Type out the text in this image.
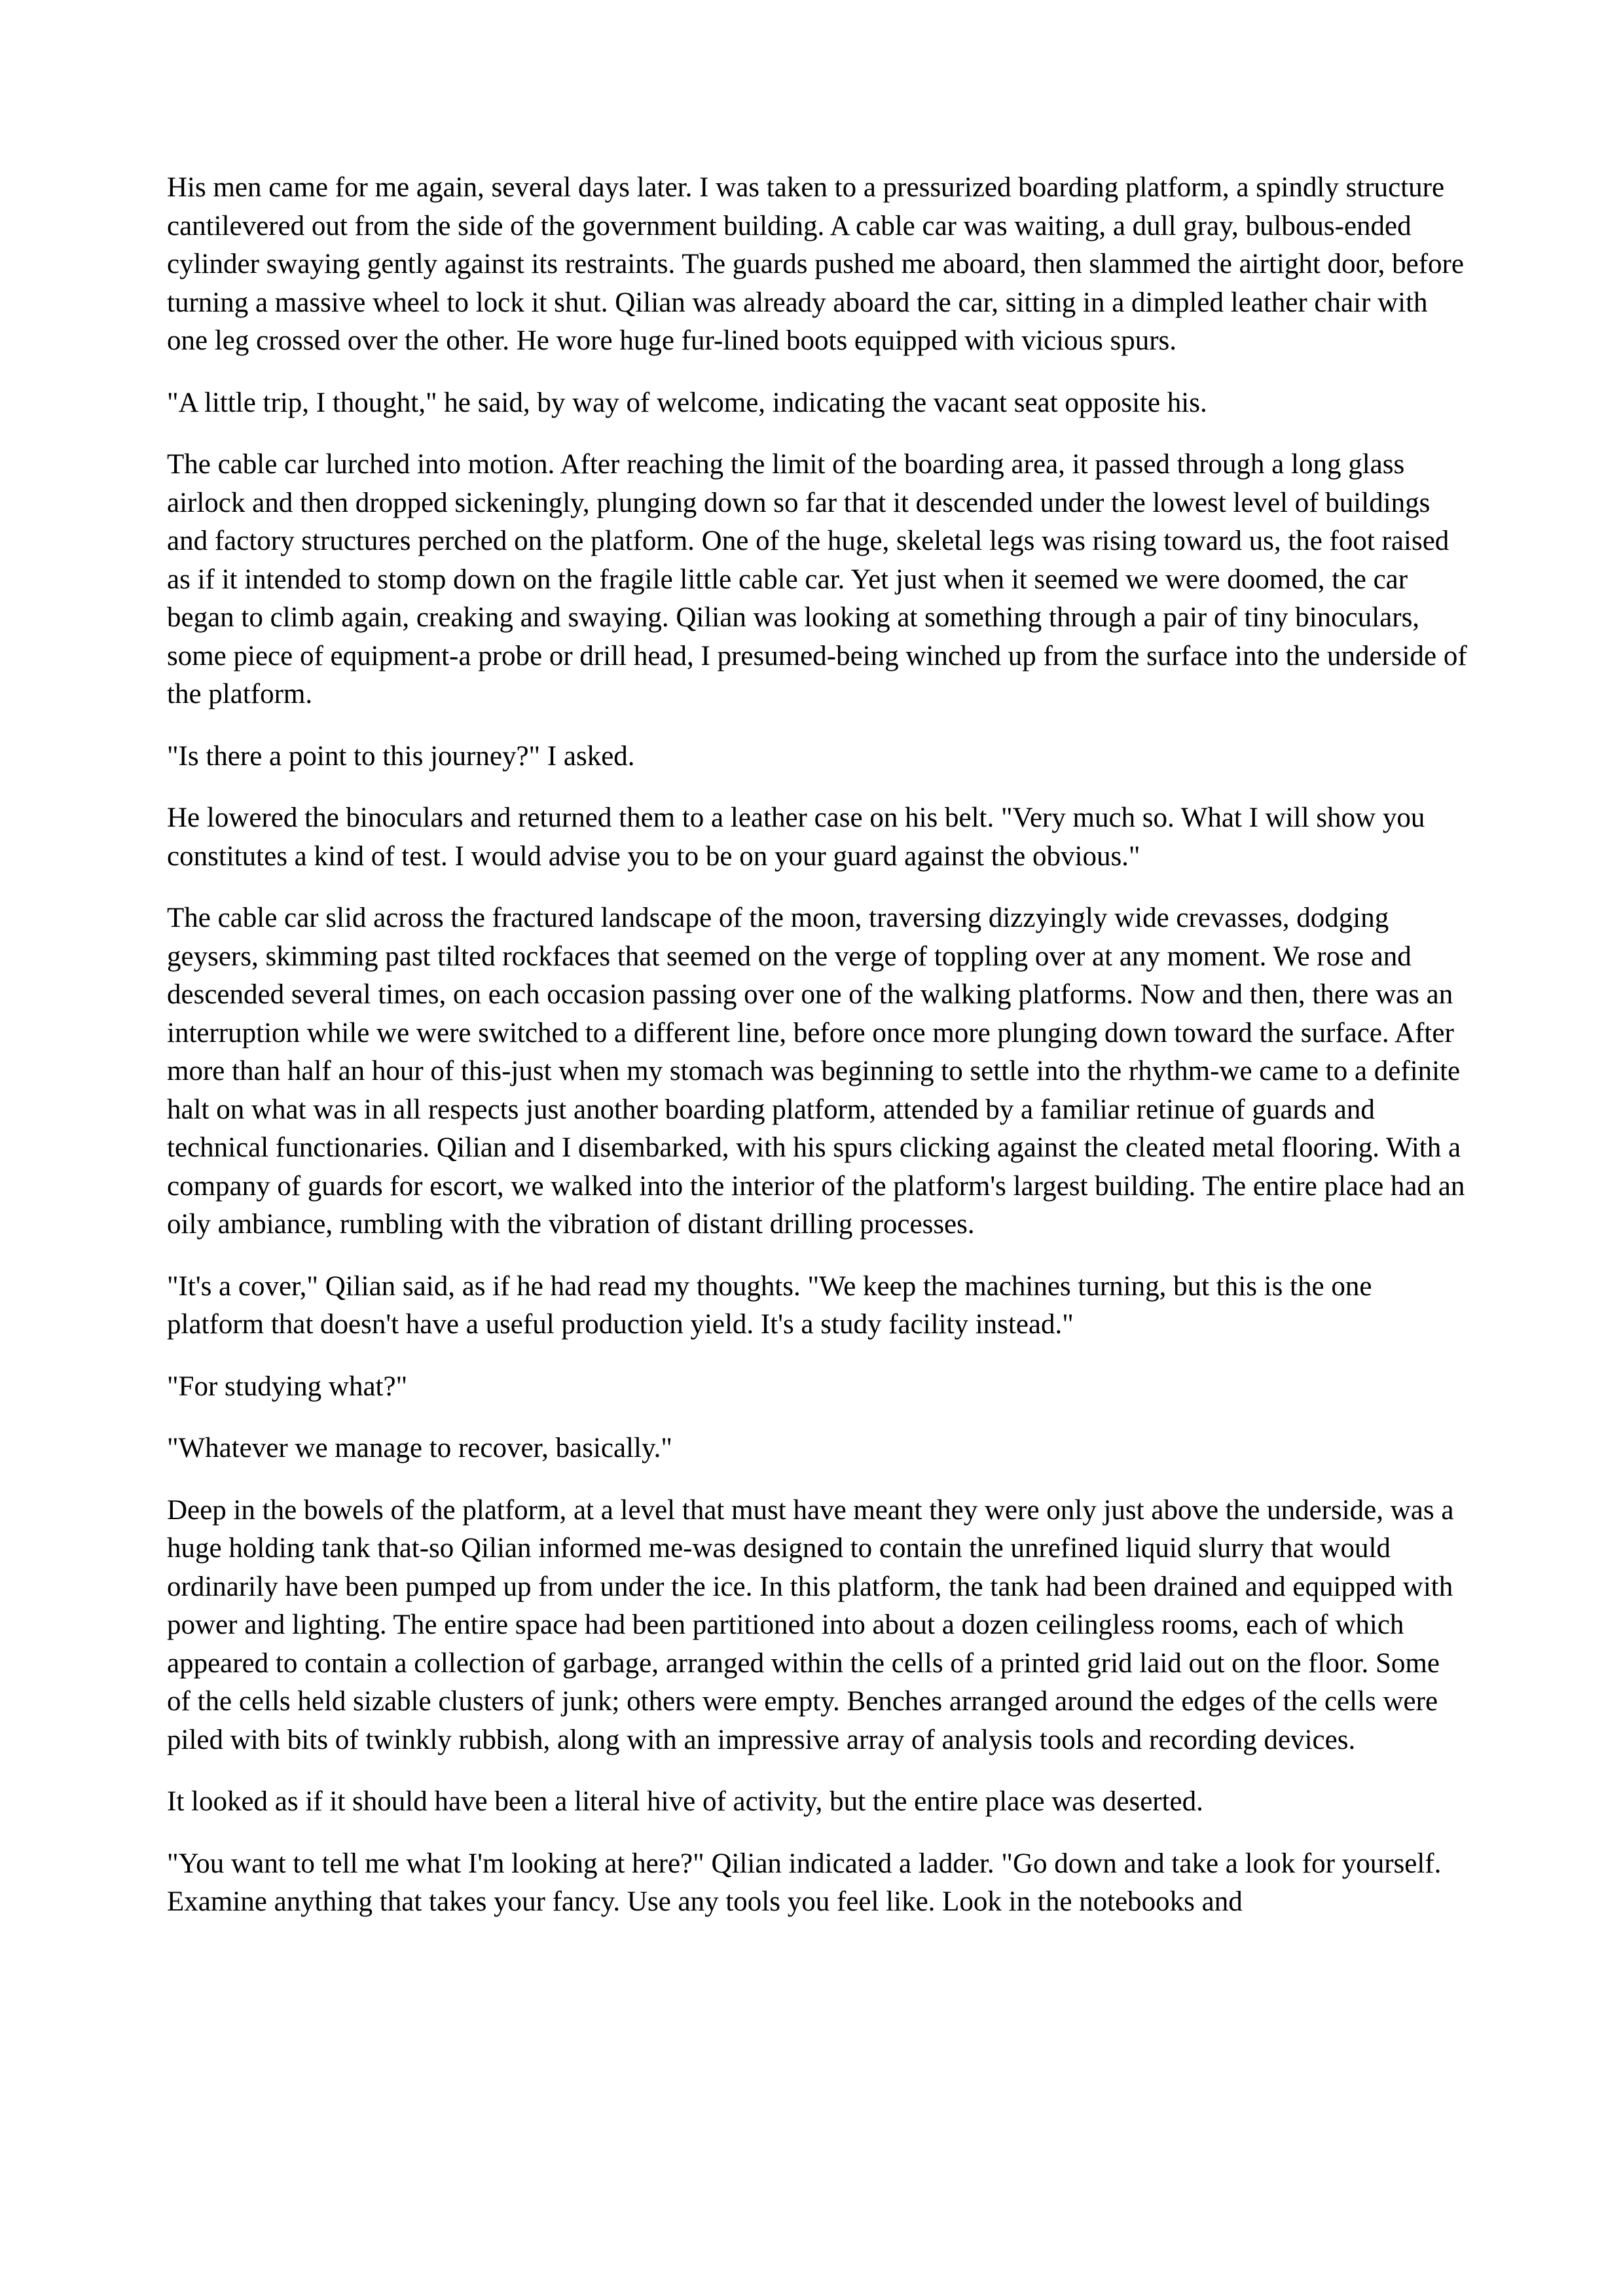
His men came for me again, several days later. I was taken to a pressurized boarding platform, a spindly structure cantilevered out from the side of the government building. A cable car was waiting, a dull gray, bulbous-ended cylinder swaying gently against its restraints. The guards pushed me aboard, then slammed the airtight door, before turning a massive wheel to lock it shut. Qilian was already aboard the car, sitting in a dimpled leather chair with one leg crossed over the other. He wore huge fur-lined boots equipped with vicious spurs.

"A little trip, I thought," he said, by way of welcome, indicating the vacant seat opposite his.

The cable car lurched into motion. After reaching the limit of the boarding area, it passed through a long glass airlock and then dropped sickeningly, plunging down so far that it descended under the lowest level of buildings and factory structures perched on the platform. One of the huge, skeletal legs was rising toward us, the foot raised as if it intended to stomp down on the fragile little cable car. Yet just when it seemed we were doomed, the car began to climb again, creaking and swaying. Qilian was looking at something through a pair of tiny binoculars, some piece of equipment-a probe or drill head, I presumed-being winched up from the surface into the underside of the platform.

"Is there a point to this journey?" I asked.

He lowered the binoculars and returned them to a leather case on his belt. "Very much so. What I will show you constitutes a kind of test. I would advise you to be on your guard against the obvious."

The cable car slid across the fractured landscape of the moon, traversing dizzyingly wide crevasses, dodging geysers, skimming past tilted rockfaces that seemed on the verge of toppling over at any moment. We rose and descended several times, on each occasion passing over one of the walking platforms. Now and then, there was an interruption while we were switched to a different line, before once more plunging down toward the surface. After more than half an hour of this-just when my stomach was beginning to settle into the rhythm-we came to a definite halt on what was in all respects just another boarding platform, attended by a familiar retinue of guards and technical functionaries. Qilian and I disembarked, with his spurs clicking against the cleated metal flooring. With a company of guards for escort, we walked into the interior of the platform's largest building. The entire place had an oily ambiance, rumbling with the vibration of distant drilling processes.

"It's a cover," Qilian said, as if he had read my thoughts. "We keep the machines turning, but this is the one platform that doesn't have a useful production yield. It's a study facility instead."

"For studying what?"

"Whatever we manage to recover, basically."

Deep in the bowels of the platform, at a level that must have meant they were only just above the underside, was a huge holding tank that-so Qilian informed me-was designed to contain the unrefined liquid slurry that would ordinarily have been pumped up from under the ice. In this platform, the tank had been drained and equipped with power and lighting. The entire space had been partitioned into about a dozen ceilingless rooms, each of which appeared to contain a collection of garbage, arranged within the cells of a printed grid laid out on the floor. Some of the cells held sizable clusters of junk; others were empty. Benches arranged around the edges of the cells were piled with bits of twinkly rubbish, along with an impressive array of analysis tools and recording devices.

It looked as if it should have been a literal hive of activity, but the entire place was deserted.

"You want to tell me what I'm looking at here?" Qilian indicated a ladder. "Go down and take a look for yourself. Examine anything that takes your fancy. Use any tools you feel like. Look in the notebooks and
